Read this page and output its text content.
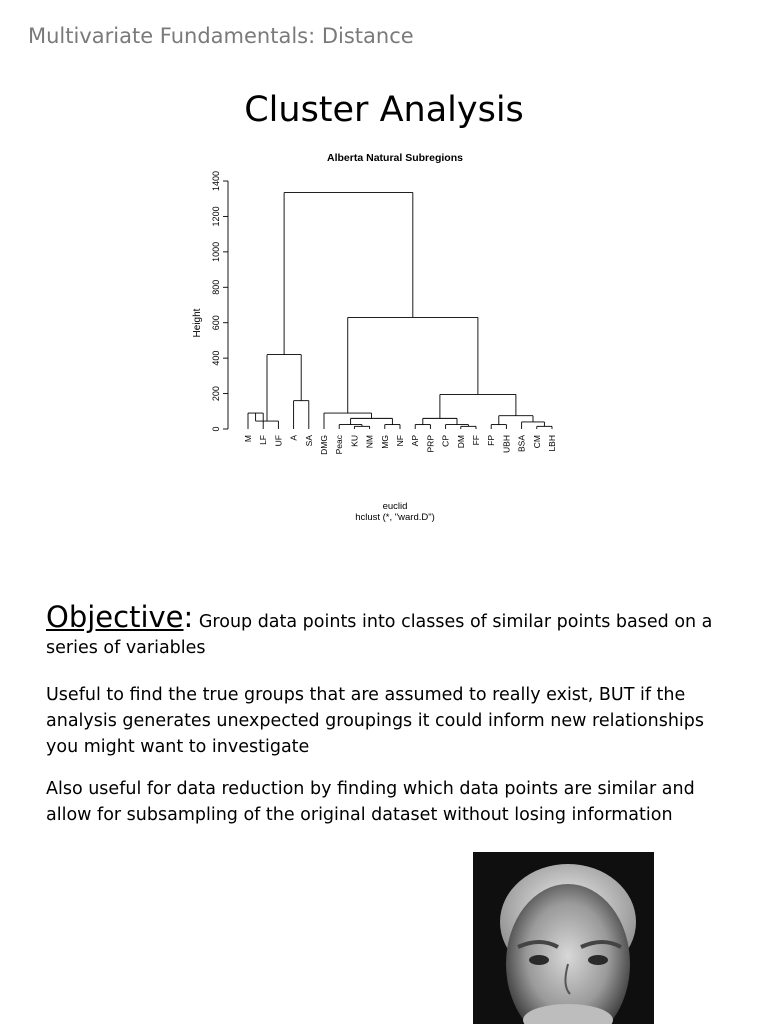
Multivariate Fundamentals: Distance
Cluster Analysis
Alberta Natural Subregions
Height
euclid
hclust (*, "ward.D")
0
200
400
600
800
1000
1200
1400
M LF UF A SA DMG Peac KU NM MG NF AP PRP CP DM FF FP UBH BSA CM LBH
Objective: Group data points into classes of similar points based on a series of variables
Useful to find the true groups that are assumed to really exist, BUT if the analysis generates unexpected groupings it could inform new relationships you might want to investigate
Also useful for data reduction by finding which data points are similar and allow for subsampling of the original dataset without losing information
